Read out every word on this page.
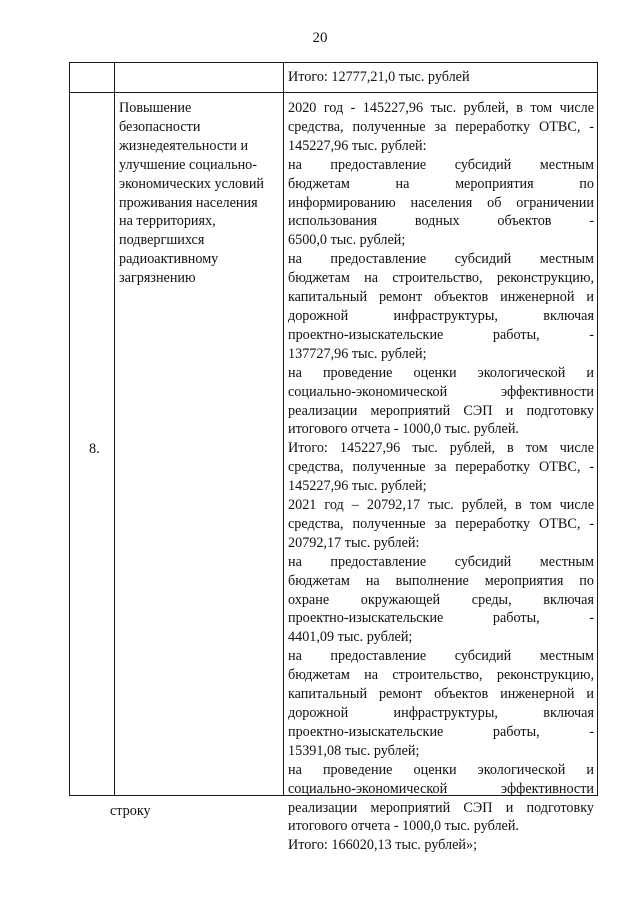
20
Итого: 12777,21,0 тыс. рублей
8.
Повышение
безопасности
жизнедеятельности и
улучшение социально-
экономических условий
проживания населения
на территориях,
подвергшихся
радиоактивному
загрязнению
2020 год - 145227,96 тыс. рублей, в том числе
средства, полученные за переработку ОТВС, -
145227,96 тыс. рублей:
на предоставление субсидий местным
бюджетам на мероприятия по
информированию населения об ограничении
использования водных объектов -
6500,0 тыс. рублей;
на предоставление субсидий местным
бюджетам на строительство, реконструкцию,
капитальный ремонт объектов инженерной и
дорожной инфраструктуры, включая
проектно-изыскательские работы, -
137727,96 тыс. рублей;
на проведение оценки экологической и
социально-экономической эффективности
реализации мероприятий СЭП и подготовку
итогового отчета - 1000,0 тыс. рублей.
Итого: 145227,96 тыс. рублей, в том числе
средства, полученные за переработку ОТВС, -
145227,96 тыс. рублей;
2021 год – 20792,17 тыс. рублей, в том числе
средства, полученные за переработку ОТВС, -
20792,17 тыс. рублей:
на предоставление субсидий местным
бюджетам на выполнение мероприятия по
охране окружающей среды, включая
проектно-изыскательские работы, -
4401,09 тыс. рублей;
на предоставление субсидий местным
бюджетам на строительство, реконструкцию,
капитальный ремонт объектов инженерной и
дорожной инфраструктуры, включая
проектно-изыскательские работы, -
15391,08 тыс. рублей;
на проведение оценки экологической и
социально-экономической эффективности
реализации мероприятий СЭП и подготовку
итогового отчета - 1000,0 тыс. рублей.
Итого: 166020,13 тыс. рублей»;
строку
